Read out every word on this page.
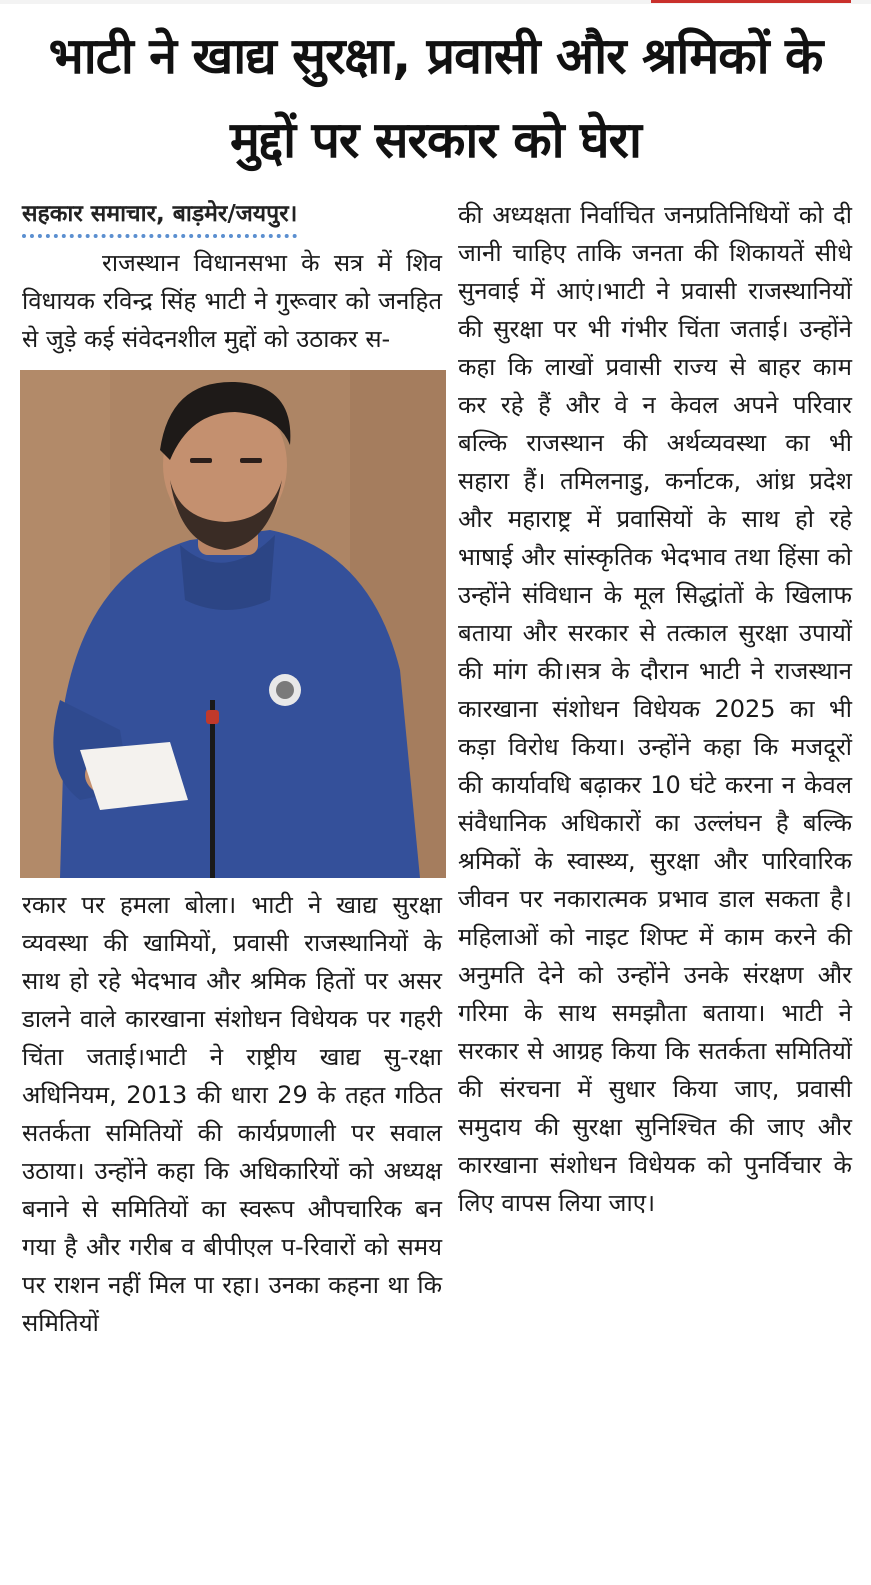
भाटी ने खाद्य सुरक्षा, प्रवासी और श्रमिकों के मुद्दों पर सरकार को घेरा
सहकार समाचार, बाड़मेर/जयपुर।

राजस्थान विधानसभा के सत्र में शिव विधायक रविन्द्र सिंह भाटी ने गुरूवार को जनहित से जुड़े कई संवेदनशील मुद्दों को उठाकर स-

रकार पर हमला बोला। भाटी ने खाद्य सुरक्षा व्यवस्था की खामियों, प्रवासी राजस्थानियों के साथ हो रहे भेदभाव और श्रमिक हितों पर असर डालने वाले कारखाना संशोधन विधेयक पर गहरी चिंता जताई।भाटी ने राष्ट्रीय खाद्य सु-रक्षा अधिनियम, 2013 की धारा 29 के तहत गठित सतर्कता समितियों की कार्यप्रणाली पर सवाल उठाया। उन्होंने कहा कि अधिकारियों को अध्यक्ष बनाने से समितियों का स्वरूप औपचारिक बन गया है और गरीब व बीपीएल प-रिवारों को समय पर राशन नहीं मिल पा रहा। उनका कहना था कि समितियों

की अध्यक्षता निर्वाचित जनप्रतिनिधियों को दी जानी चाहिए ताकि जनता की शिकायतें सीधे सुनवाई में आएं।भाटी ने प्रवासी राजस्थानियों की सुरक्षा पर भी गंभीर चिंता जताई। उन्होंने कहा कि लाखों प्रवासी राज्य से बाहर काम कर रहे हैं और वे न केवल अपने परिवार बल्कि राजस्थान की अर्थव्यवस्था का भी सहारा हैं। तमिलनाडु, कर्नाटक, आंध्र प्रदेश और महाराष्ट्र में प्रवासियों के साथ हो रहे भाषाई और सांस्कृतिक भेदभाव तथा हिंसा को उन्होंने संविधान के मूल सिद्धांतों के खिलाफ बताया और सरकार से तत्काल सुरक्षा उपायों की मांग की।सत्र के दौरान भाटी ने राजस्थान कारखाना संशोधन विधेयक 2025 का भी कड़ा विरोध किया। उन्होंने कहा कि मजदूरों की कार्यावधि बढ़ाकर 10 घंटे करना न केवल संवैधानिक अधिकारों का उल्लंघन है बल्कि श्रमिकों के स्वास्थ्य, सुरक्षा और पारिवारिक जीवन पर नकारात्मक प्रभाव डाल सकता है। महिलाओं को नाइट शिफ्ट में काम करने की अनुमति देने को उन्होंने उनके संरक्षण और गरिमा के साथ समझौता बताया। भाटी ने सरकार से आग्रह किया कि सतर्कता समितियों की संरचना में सुधार किया जाए, प्रवासी समुदाय की सुरक्षा सुनिश्चित की जाए और कारखाना संशोधन विधेयक को पुनर्विचार के लिए वापस लिया जाए।
